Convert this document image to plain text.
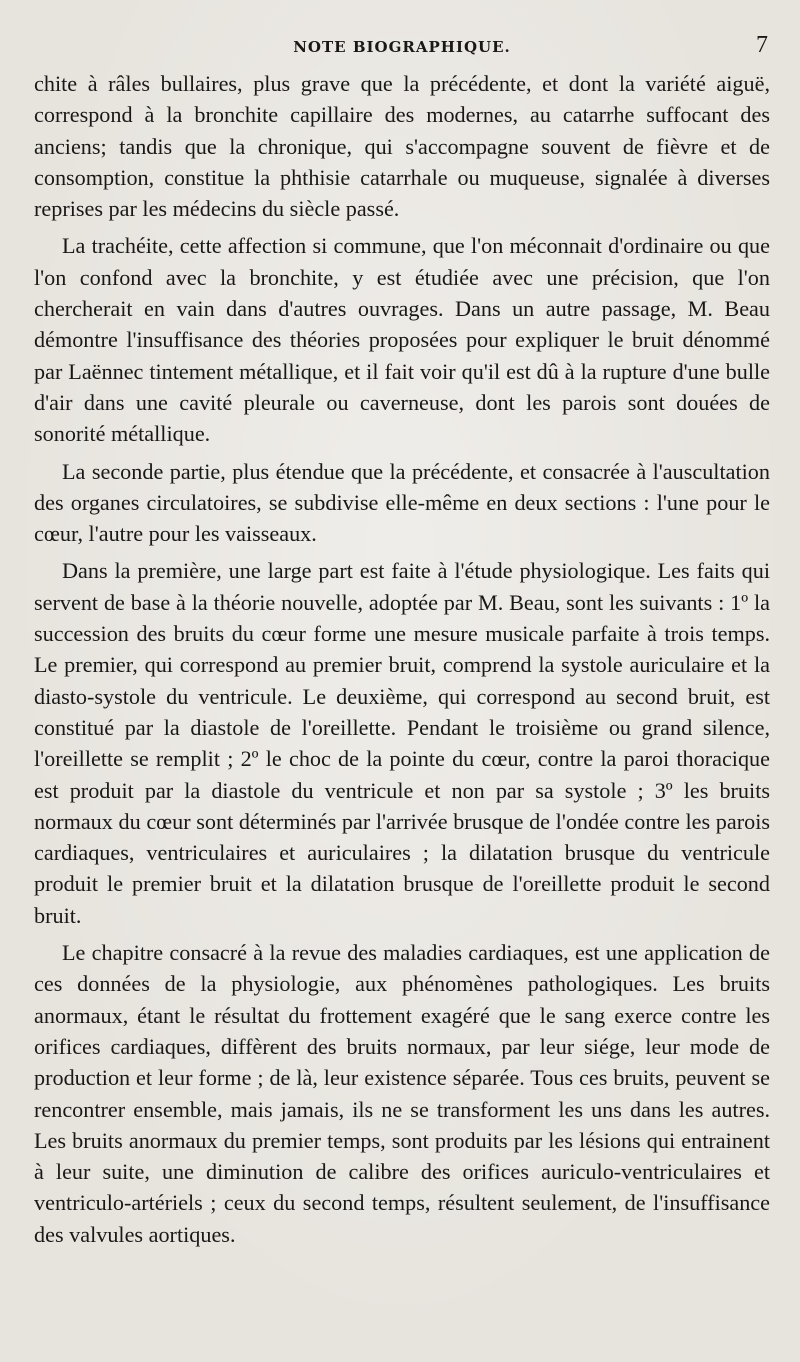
NOTE BIOGRAPHIQUE.	7

chite à râles bullaires, plus grave que la précédente, et dont la variété aiguë, correspond à la bronchite capillaire des modernes, au catarrhe suffocant des anciens; tandis que la chronique, qui s'accompagne souvent de fièvre et de consomption, constitue la phthisie catarrhale ou muqueuse, signalée à diverses reprises par les médecins du siècle passé.

La trachéite, cette affection si commune, que l'on méconnait d'ordinaire ou que l'on confond avec la bronchite, y est étudiée avec une précision, que l'on chercherait en vain dans d'autres ouvrages. Dans un autre passage, M. Beau démontre l'insuffisance des théories proposées pour expliquer le bruit dénommé par Laënnec tintement métallique, et il fait voir qu'il est dû à la rupture d'une bulle d'air dans une cavité pleurale ou caverneuse, dont les parois sont douées de sonorité métallique.

La seconde partie, plus étendue que la précédente, et consacrée à l'auscultation des organes circulatoires, se subdivise elle-même en deux sections : l'une pour le cœur, l'autre pour les vaisseaux.

Dans la première, une large part est faite à l'étude physiologique. Les faits qui servent de base à la théorie nouvelle, adoptée par M. Beau, sont les suivants : 1º la succession des bruits du cœur forme une mesure musicale parfaite à trois temps. Le premier, qui correspond au premier bruit, comprend la systole auriculaire et la diasto-systole du ventricule. Le deuxième, qui correspond au second bruit, est constitué par la diastole de l'oreillette. Pendant le troisième ou grand silence, l'oreillette se remplit ; 2º le choc de la pointe du cœur, contre la paroi thoracique est produit par la diastole du ventricule et non par sa systole ; 3º les bruits normaux du cœur sont déterminés par l'arrivée brusque de l'ondée contre les parois cardiaques, ventriculaires et auriculaires ; la dilatation brusque du ventricule produit le premier bruit et la dilatation brusque de l'oreillette produit le second bruit.

Le chapitre consacré à la revue des maladies cardiaques, est une application de ces données de la physiologie, aux phénomènes pathologiques. Les bruits anormaux, étant le résultat du frottement exagéré que le sang exerce contre les orifices cardiaques, diffèrent des bruits normaux, par leur siége, leur mode de production et leur forme ; de là, leur existence séparée. Tous ces bruits, peuvent se rencontrer ensemble, mais jamais, ils ne se transforment les uns dans les autres. Les bruits anormaux du premier temps, sont produits par les lésions qui entrainent à leur suite, une diminution de calibre des orifices auriculo-ventriculaires et ventriculo-artériels ; ceux du second temps, résultent seulement, de l'insuffisance des valvules aortiques.
